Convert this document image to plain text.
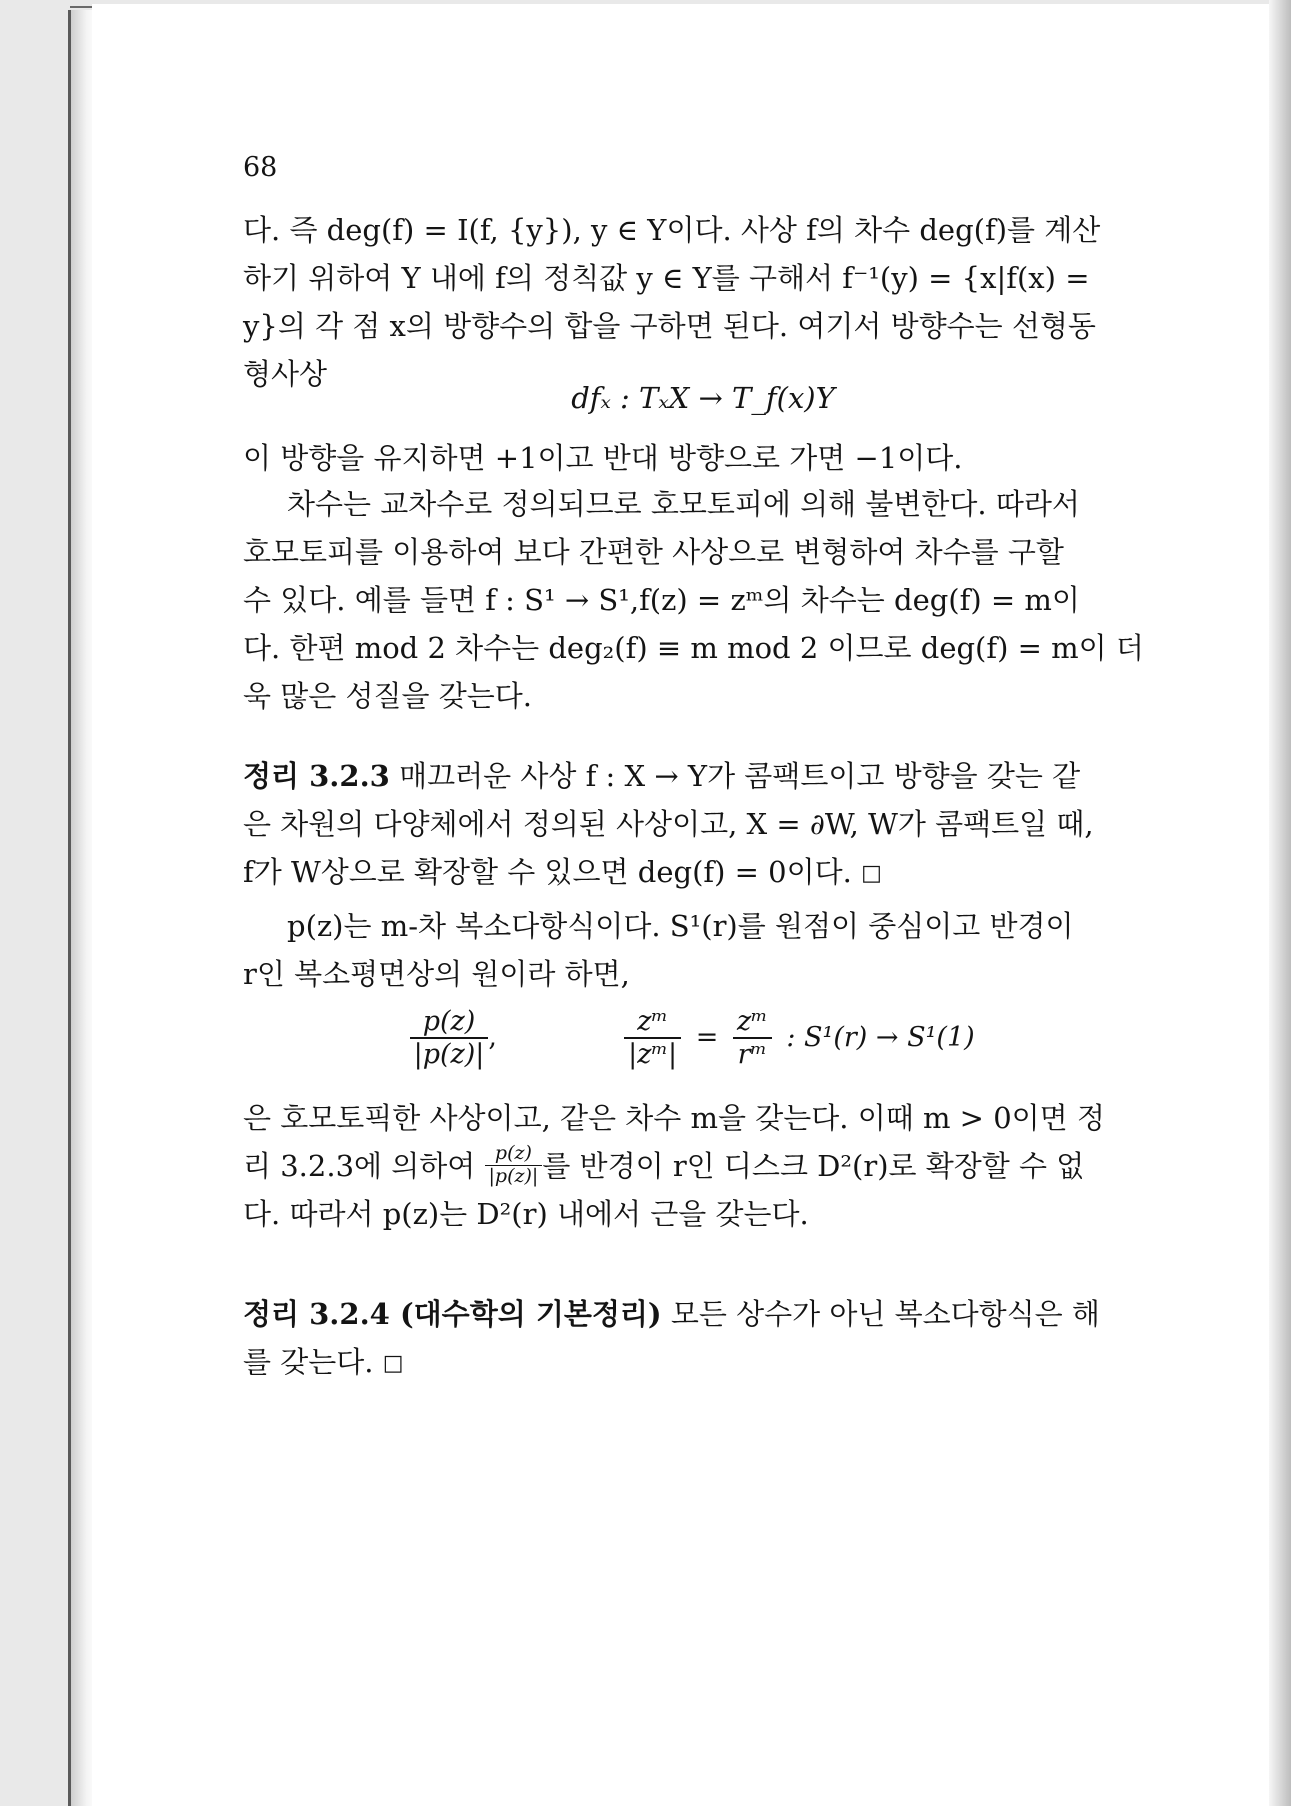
68
다. 즉 deg(f) = I(f, {y}), y ∈ Y이다. 사상 f의 차수 deg(f)를 계산
하기 위하여 Y 내에 f의 정칙값 y ∈ Y를 구해서 f⁻¹(y) = {x|f(x) =
y}의 각 점 x의 방향수의 합을 구하면 된다. 여기서 방향수는 선형동
형사상
dfₓ : TₓX → T_f(x)Y
이 방향을 유지하면 +1이고 반대 방향으로 가면 −1이다.
차수는 교차수로 정의되므로 호모토피에 의해 불변한다. 따라서
호모토피를 이용하여 보다 간편한 사상으로 변형하여 차수를 구할
수 있다. 예를 들면 f : S¹ → S¹,f(z) = zᵐ의 차수는 deg(f) = m이
다. 한편 mod 2 차수는 deg₂(f) ≡ m mod 2 이므로 deg(f) = m이 더
욱 많은 성질을 갖는다.
정리 3.2.3 매끄러운 사상 f : X → Y가 콤팩트이고 방향을 갖는 같
은 차원의 다양체에서 정의된 사상이고, X = ∂W, W가 콤팩트일 때,
f가 W상으로 확장할 수 있으면 deg(f) = 0이다. □
p(z)는 m-차 복소다항식이다. S¹(r)를 원점이 중심이고 반경이
r인 복소평면상의 원이라 하면,

$\frac{p(z)}{|p(z)|}$ ,	$\frac{\text{zᵐ}}{\text{|zᵐ|}} = \frac{\text{zᵐ}}{\text{rᵐ}}$ : S¹(r) → S¹(1)
은 호모토픽한 사상이고, 같은 차수 m을 갖는다. 이때 m > 0이면 정
리 3.2.3에 의하여 $\frac{p(z)}{|p(z)|}$ 를 반경이 r인 디스크 D²(r)로 확장할 수 없
다. 따라서 p(z)는 D²(r) 내에서 근을 갖는다.
정리 3.2.4 (대수학의 기본정리) 모든 상수가 아닌 복소다항식은 해
를 갖는다. □
